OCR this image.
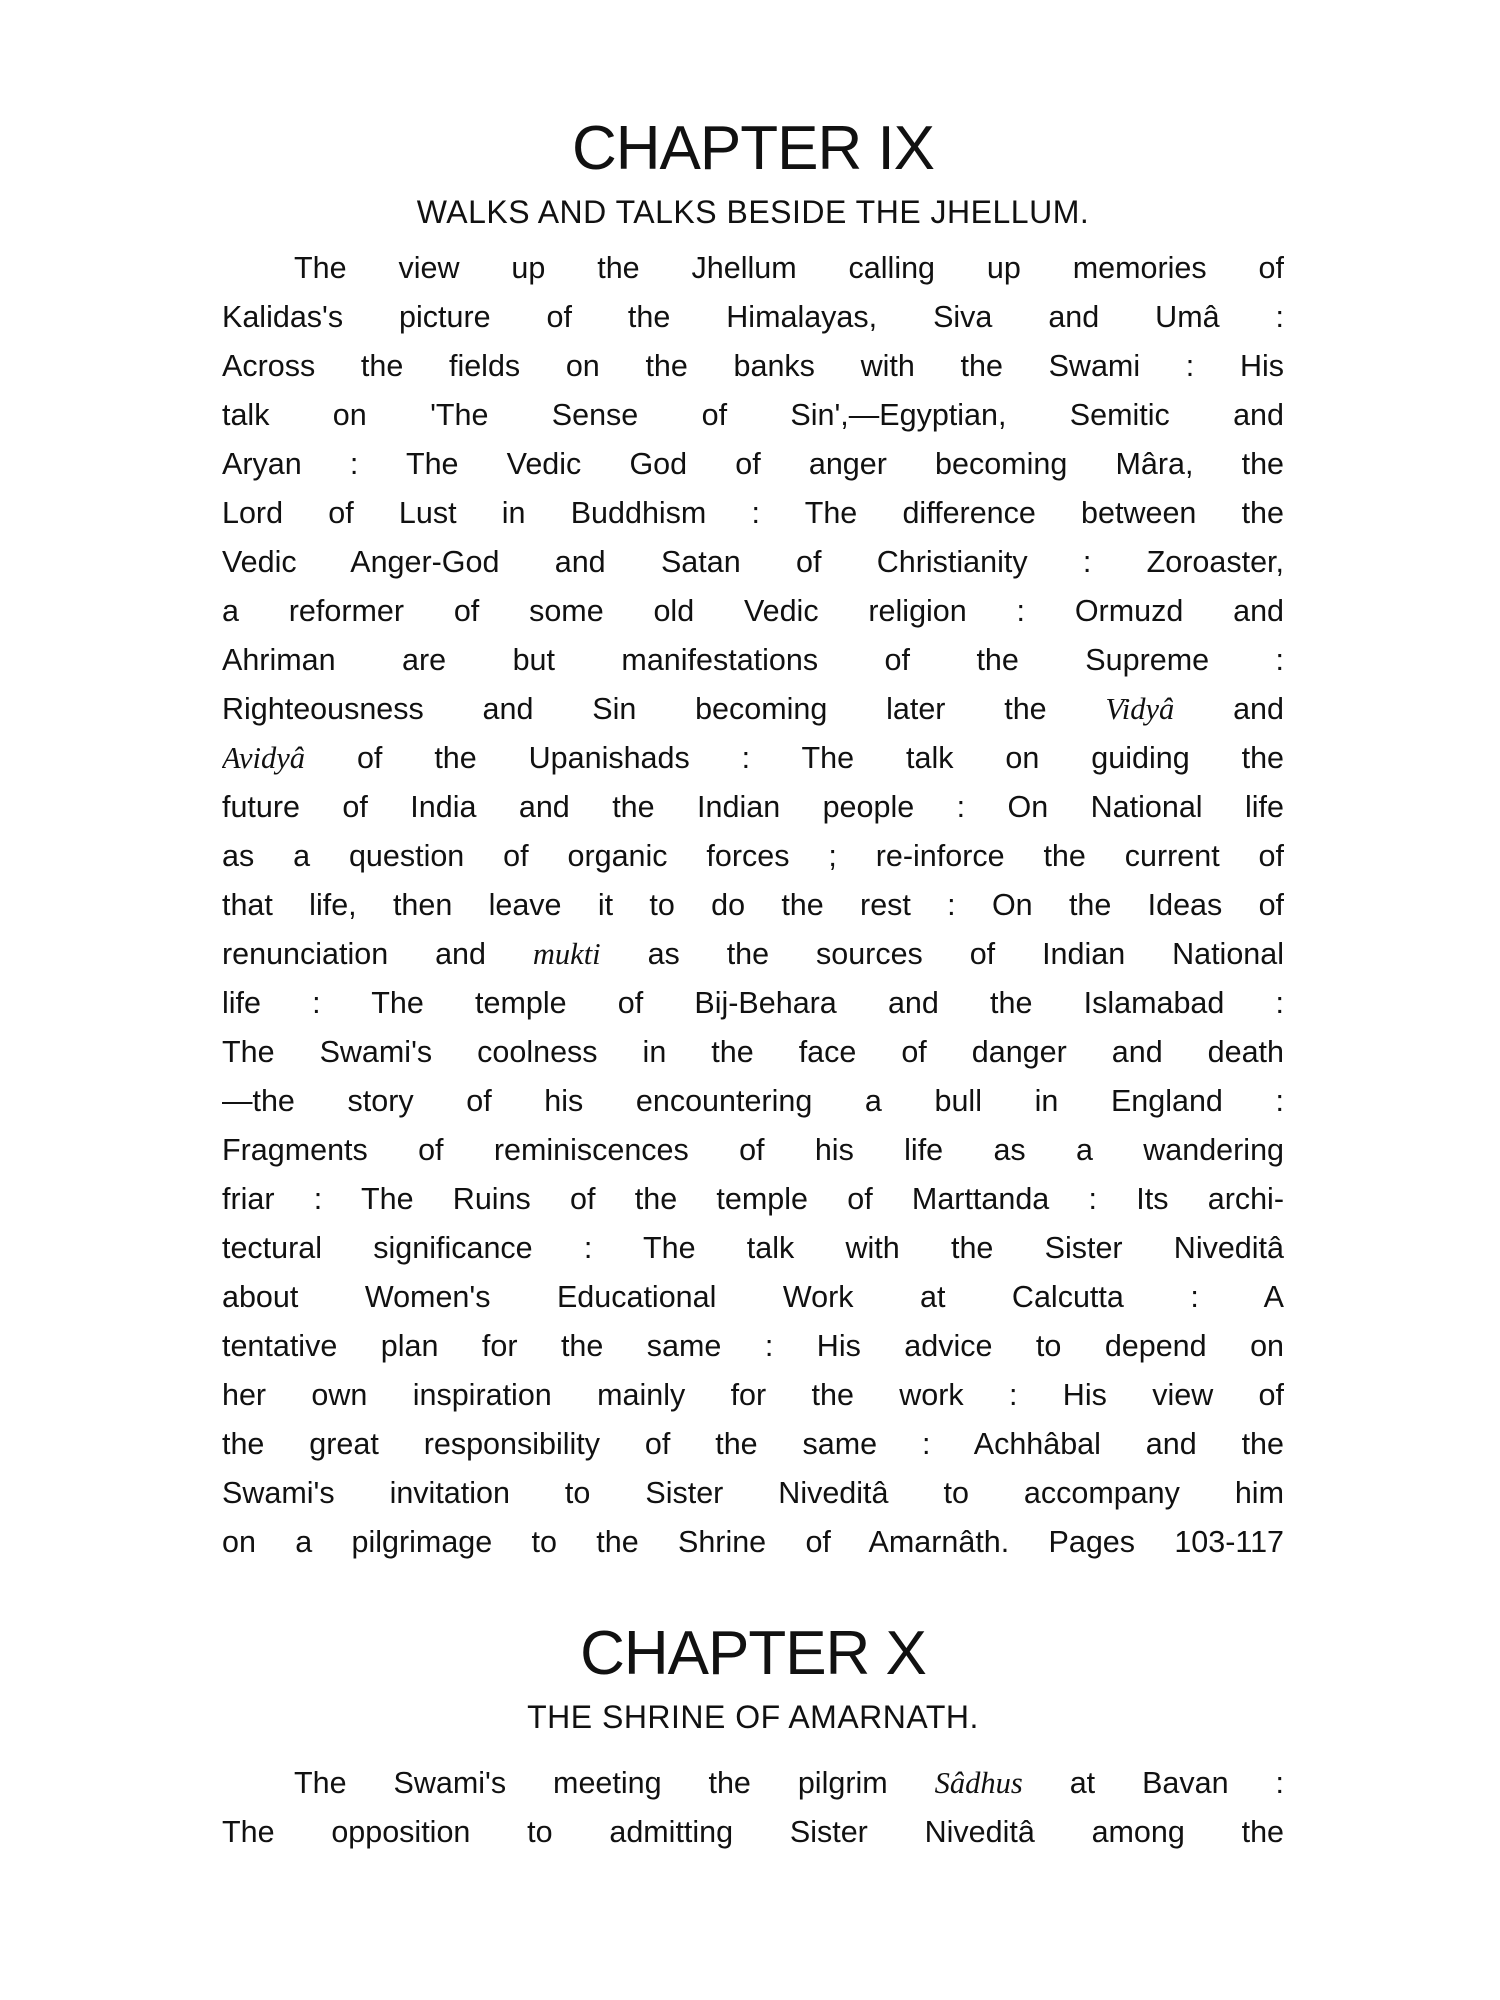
CHAPTER IX
WALKS AND TALKS BESIDE THE JHELLUM.
The view up the Jhellum calling up memories of
Kalidas's picture of the Himalayas, Siva and Umâ :
Across the fields on the banks with the Swami : His
talk on 'The Sense of Sin',—Egyptian, Semitic and
Aryan : The Vedic God of anger becoming Mâra, the
Lord of Lust in Buddhism : The difference between the
Vedic Anger-God and Satan of Christianity : Zoroaster,
a reformer of some old Vedic religion : Ormuzd and
Ahriman are but manifestations of the Supreme :
Righteousness and Sin becoming later the Vidyâ and
Avidyâ of the Upanishads : The talk on guiding the
future of India and the Indian people : On National life
as a question of organic forces ; re-inforce the current of
that life, then leave it to do the rest : On the Ideas of
renunciation and mukti as the sources of Indian National
life : The temple of Bij-Behara and the Islamabad :
The Swami's coolness in the face of danger and death
—the story of his encountering a bull in England :
Fragments of reminiscences of his life as a wandering
friar : The Ruins of the temple of Marttanda : Its archi-
tectural significance : The talk with the Sister Niveditâ
about Women's Educational Work at Calcutta : A
tentative plan for the same : His advice to depend on
her own inspiration mainly for the work : His view of
the great responsibility of the same : Achhâbal and the
Swami's invitation to Sister Niveditâ to accompany him
on a pilgrimage to the Shrine of Amarnâth. Pages 103-117
CHAPTER X
THE SHRINE OF AMARNATH.
The Swami's meeting the pilgrim Sâdhus at Bavan :
The opposition to admitting Sister Niveditâ among the
